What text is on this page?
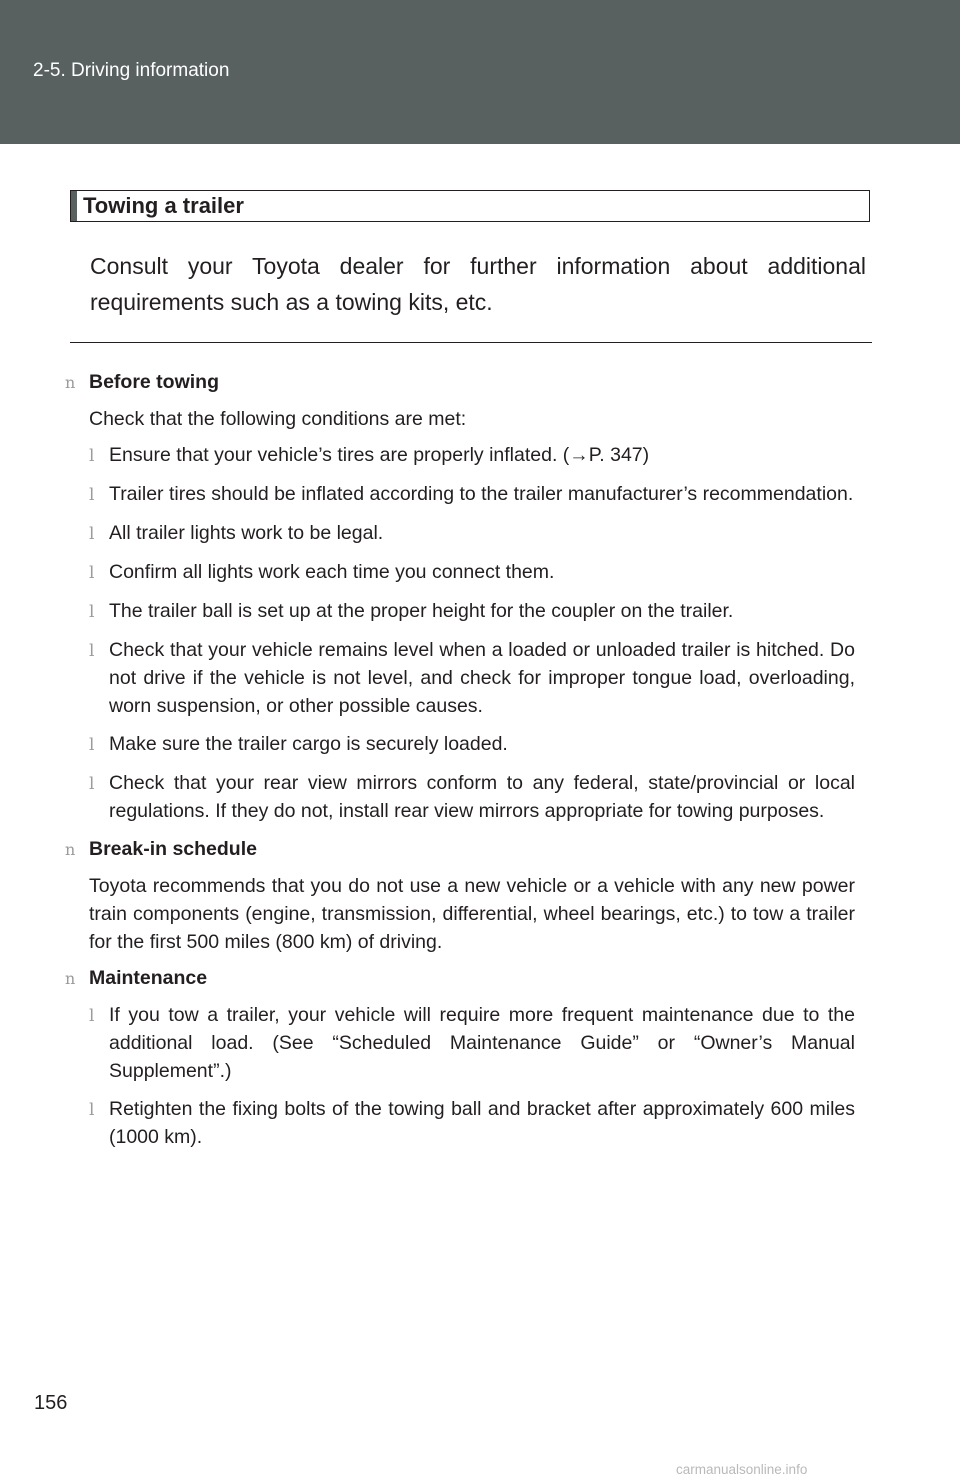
2-5. Driving information
Towing a trailer
Consult your Toyota dealer for further information about additional requirements such as a towing kits, etc.
n Before towing
Check that the following conditions are met:
l Ensure that your vehicle’s tires are properly inflated. (→P. 347)
l Trailer tires should be inflated according to the trailer manufacturer’s recommendation.
l All trailer lights work to be legal.
l Confirm all lights work each time you connect them.
l The trailer ball is set up at the proper height for the coupler on the trailer.
l Check that your vehicle remains level when a loaded or unloaded trailer is hitched. Do not drive if the vehicle is not level, and check for improper tongue load, overloading, worn suspension, or other possible causes.
l Make sure the trailer cargo is securely loaded.
l Check that your rear view mirrors conform to any federal, state/provincial or local regulations. If they do not, install rear view mirrors appropriate for towing purposes.
n Break-in schedule
Toyota recommends that you do not use a new vehicle or a vehicle with any new power train components (engine, transmission, differential, wheel bearings, etc.) to tow a trailer for the first 500 miles (800 km) of driving.
n Maintenance
l If you tow a trailer, your vehicle will require more frequent maintenance due to the additional load. (See “Scheduled Maintenance Guide” or “Owner’s Manual Supplement”.)
l Retighten the fixing bolts of the towing ball and bracket after approximately 600 miles (1000 km).
156
carmanualsonline.info
